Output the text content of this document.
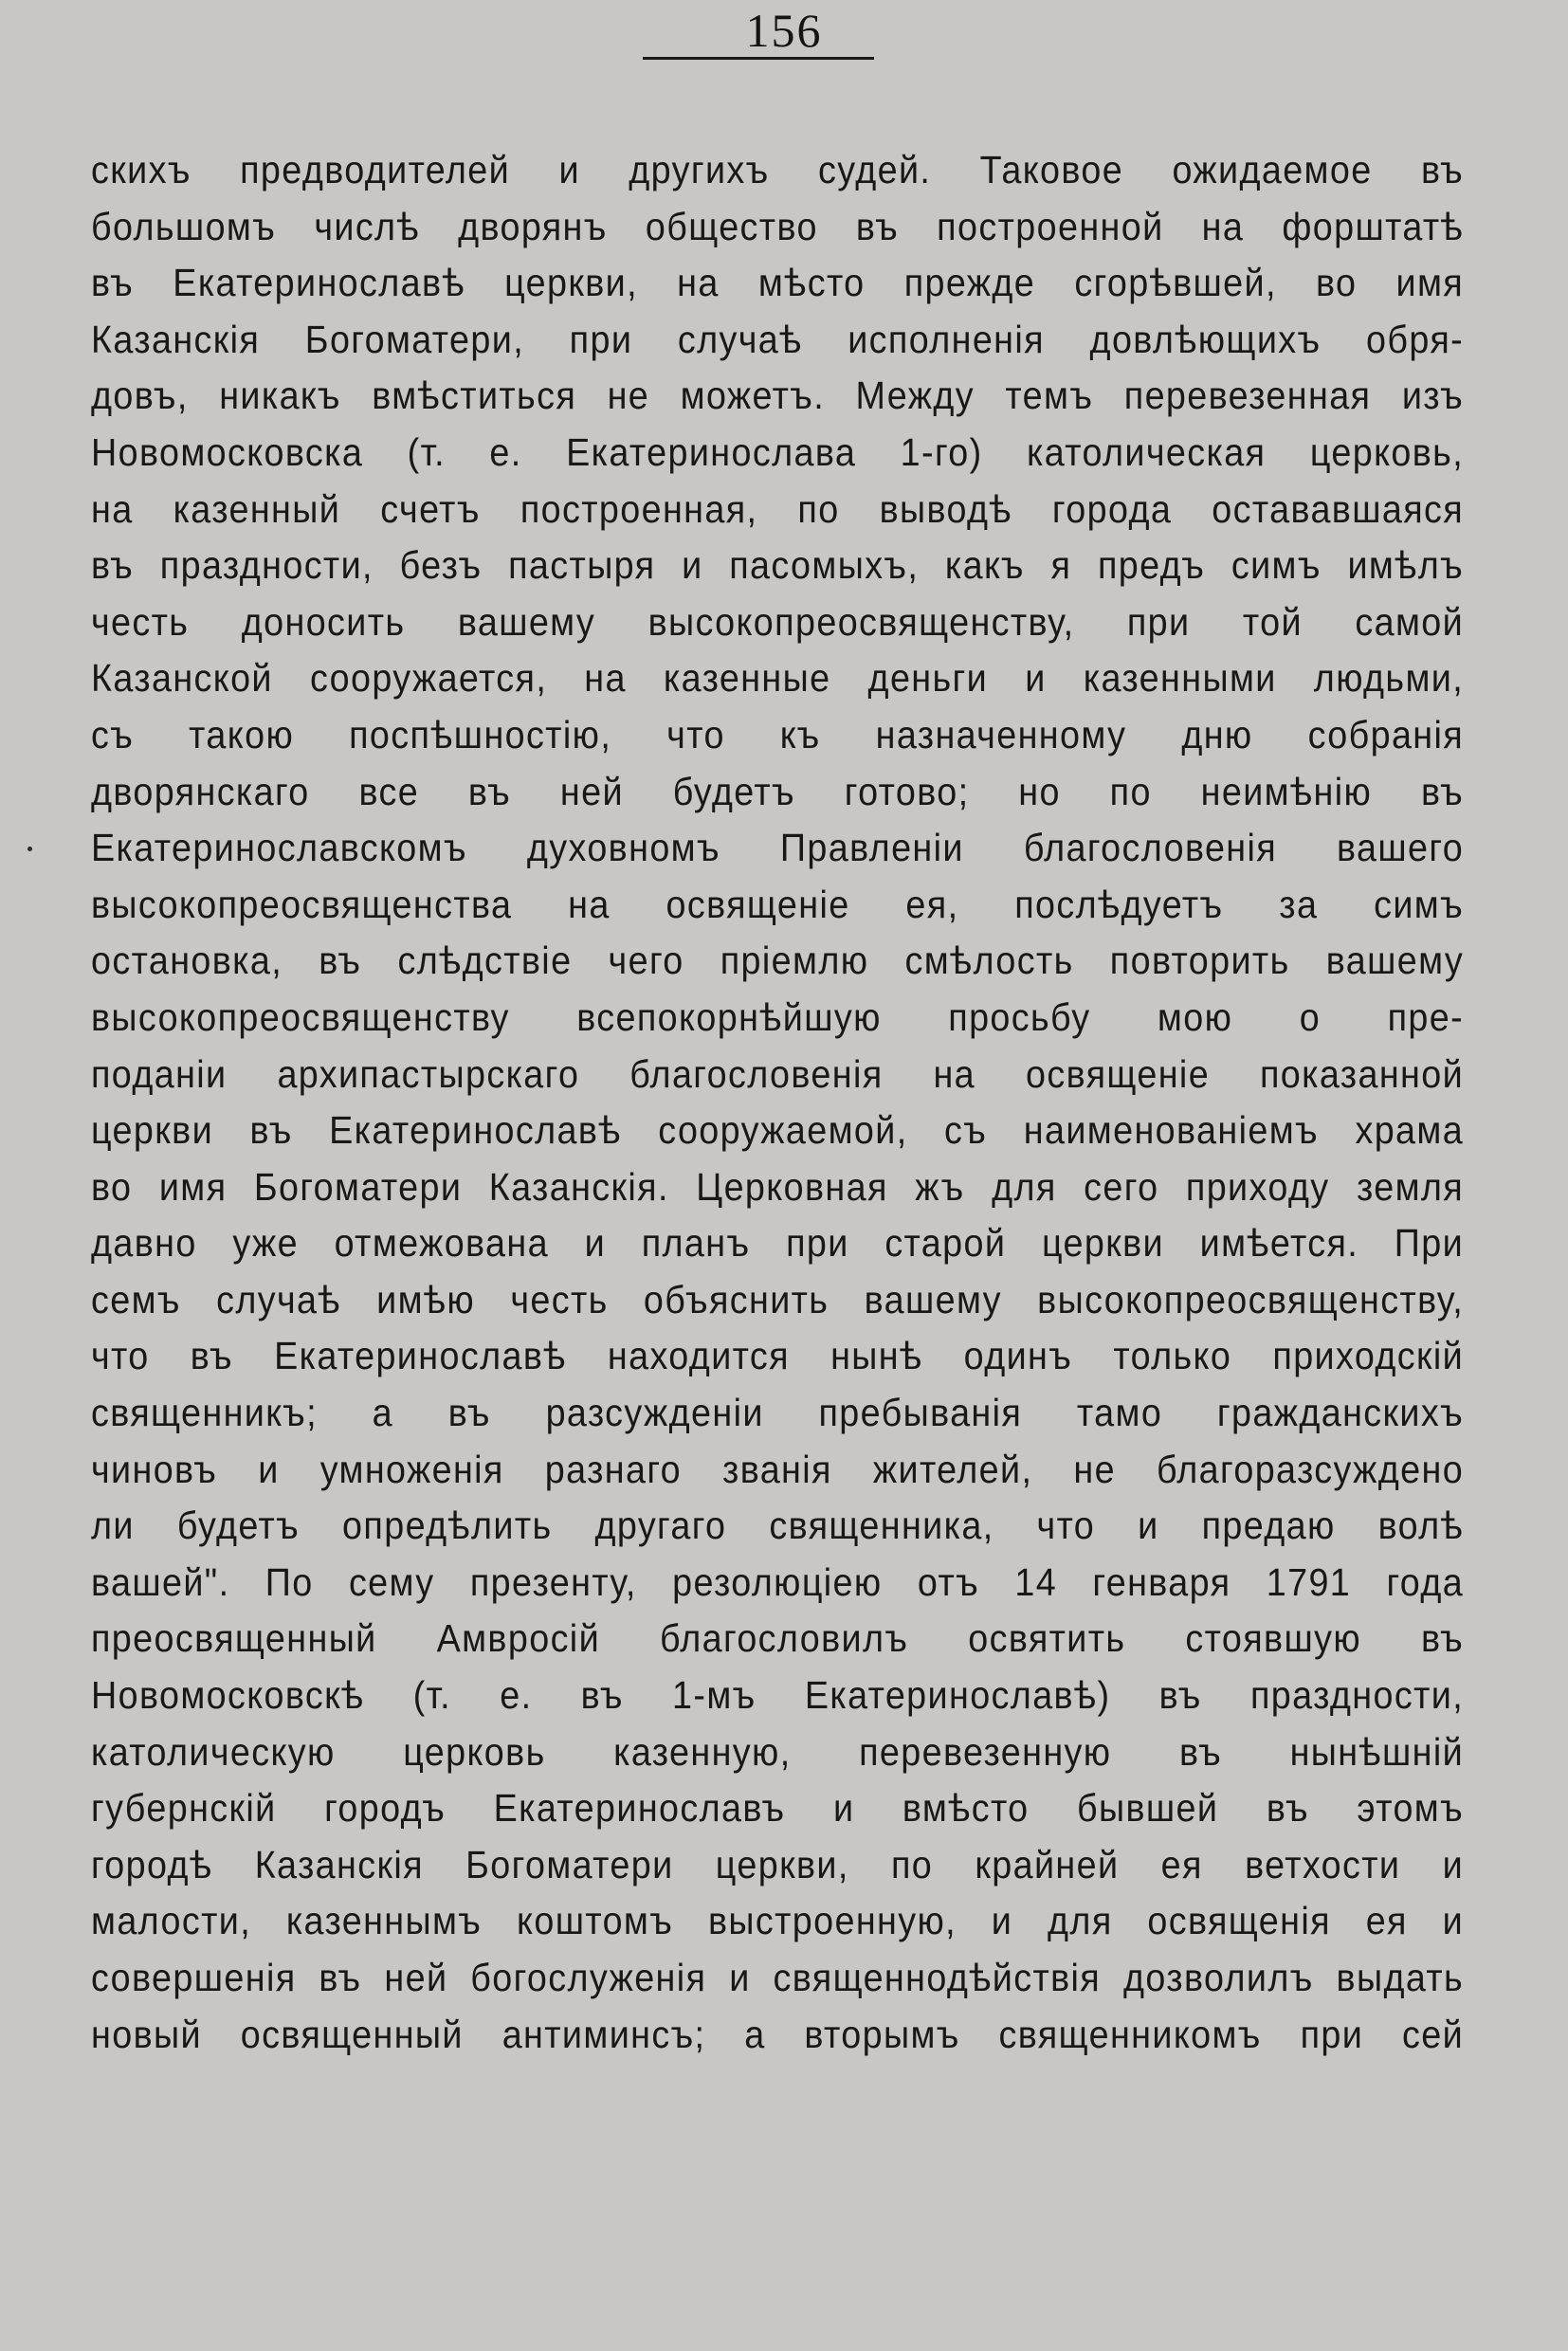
156
скихъ предводителей и другихъ судей. Таковое ожидаемое въ
большомъ числѣ дворянъ общество въ построенной на форштатѣ
въ Екатеринославѣ церкви, на мѣсто прежде сгорѣвшей, во имя
Казанскія Богоматери, при случаѣ исполненія довлѣющихъ обря-
довъ, никакъ вмѣститься не можетъ. Между темъ перевезенная изъ
Новомосковска (т. е. Екатеринослава 1-го) католическая церковь,
на казенный счетъ построенная, по выводѣ города остававшаяся
въ праздности, безъ пастыря и пасомыхъ, какъ я предъ симъ имѣлъ
честь доносить вашему высокопреосвященству, при той самой
Казанской сооружается, на казенные деньги и казенными людьми,
съ такою поспѣшностію, что къ назначенному дню собранія
дворянскаго все въ ней будетъ готово; но по неимѣнію въ
Екатеринославскомъ духовномъ Правленіи благословенія вашего
высокопреосвященства на освященіе ея, послѣдуетъ за симъ
остановка, въ слѣдствіе чего пріемлю смѣлость повторить вашему
высокопреосвященству всепокорнѣйшую просьбу мою о пре-
поданіи архипастырскаго благословенія на освященіе показанной
церкви въ Екатеринославѣ сооружаемой, съ наименованіемъ храма
во имя Богоматери Казанскія. Церковная жъ для сего приходу земля
давно уже отмежована и планъ при старой церкви имѣется. При
семъ случаѣ имѣю честь объяснить вашему высокопреосвященству,
что въ Екатеринославѣ находится нынѣ одинъ только приходскій
священникъ; а въ разсужденіи пребыванія тамо гражданскихъ
чиновъ и умноженія разнаго званія жителей, не благоразсуждено
ли будетъ опредѣлить другаго священника, что и предаю волѣ
вашей". По сему презенту, резолюціею отъ 14 генваря 1791 года
преосвященный Амвросій благословилъ освятить стоявшую въ
Новомосковскѣ (т. е. въ 1-мъ Екатеринославѣ) въ праздности,
католическую церковь казенную, перевезенную въ нынѣшній
губернскій городъ Екатеринославъ и вмѣсто бывшей въ этомъ
городѣ Казанскія Богоматери церкви, по крайней ея ветхости и
малости, казеннымъ коштомъ выстроенную, и для освященія ея и
совершенія въ ней богослуженія и священнодѣйствія дозволилъ выдать
новый освященный антиминсъ; а вторымъ священникомъ при сей
